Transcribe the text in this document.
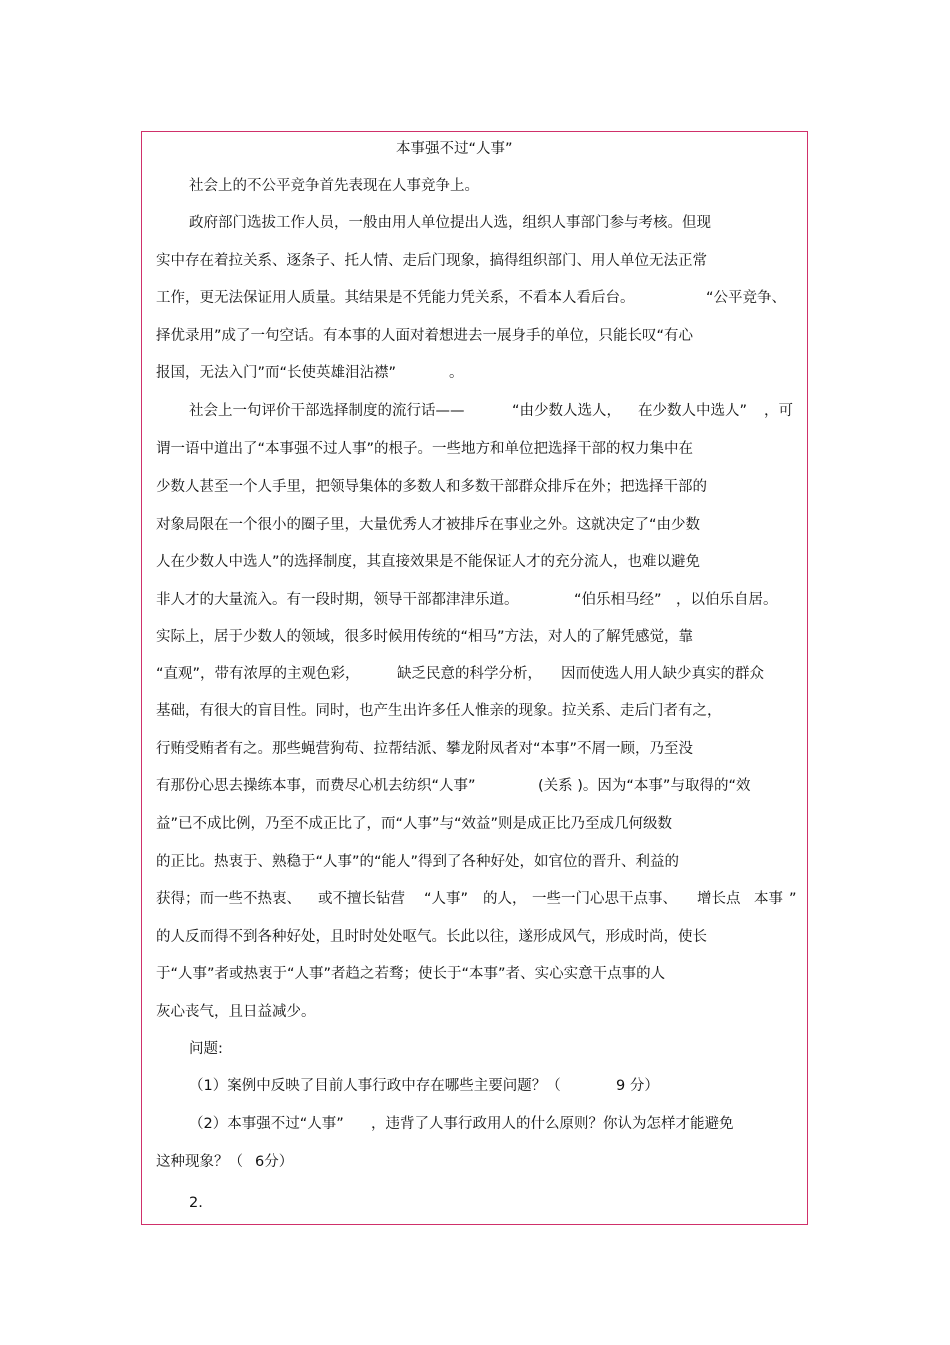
本事强不过“人事”
社会上的不公平竞争首先表现在人事竞争上。
政府部门选拔工作人员，一般由用人单位提出人选，组织人事部门参与考核。但现
实中存在着拉关系、逐条子、托人情、走后门现象，搞得组织部门、用人单位无法正常
工作，更无法保证用人质量。其结果是不凭能力凭关系，不看本人看后台。	“公平竞争、
择优录用”成了一句空话。有本事的人面对着想进去一展身手的单位，只能长叹“有心
报国，无法入门”而“长使英雄泪沾襟”	。
社会上一句评价干部选择制度的流行话——	“由少数人选人， 在少数人中选人” ，可
谓一语中道出了“本事强不过人事”的根子。一些地方和单位把选择干部的权力集中在
少数人甚至一个人手里，把领导集体的多数人和多数干部群众排斥在外；把选择干部的
对象局限在一个很小的圈子里，大量优秀人才被排斥在事业之外。这就决定了“由少数
人在少数人中选人”的选择制度，其直接效果是不能保证人才的充分流人，也难以避免
非人才的大量流入。有一段时期，领导干部都津津乐道。	“伯乐相马经” ，以伯乐自居。
实际上，居于少数人的领域，很多时候用传统的“相马”方法，对人的了解凭感觉，靠
“直观”，带有浓厚的主观色彩，	缺乏民意的科学分析， 因而使选人用人缺少真实的群众
基础，有很大的盲目性。同时，也产生出许多任人惟亲的现象。拉关系、走后门者有之，
行贿受贿者有之。那些蝇营狗苟、拉帮结派、攀龙附凤者对“本事”不屑一顾，乃至没
有那份心思去操练本事，而费尽心机去纺织“人事”	(关系 )。因为“本事”与取得的“效
益”已不成比例，乃至不成正比了，而“人事”与“效益”则是成正比乃至成几何级数
的正比。热衷于、熟稳于“人事”的“能人”得到了各种好处，如官位的晋升、利益的
获得；而一些不热衷、 或不擅长钻营 “人事” 的人， 一些一门心思干点事、 增长点 本事 ”
的人反而得不到各种好处，且时时处处呕气。长此以往，遂形成风气，形成时尚，使长
于“人事”者或热衷于“人事”者趋之若骛；使长于“本事”者、实心实意干点事的人
灰心丧气，且日益减少。
问题:
（1）案例中反映了目前人事行政中存在哪些主要问题？（	9 分）
（2）本事强不过“人事” ，违背了人事行政用人的什么原则？你认为怎样才能避免
这种现象？（ 6分）
2.
